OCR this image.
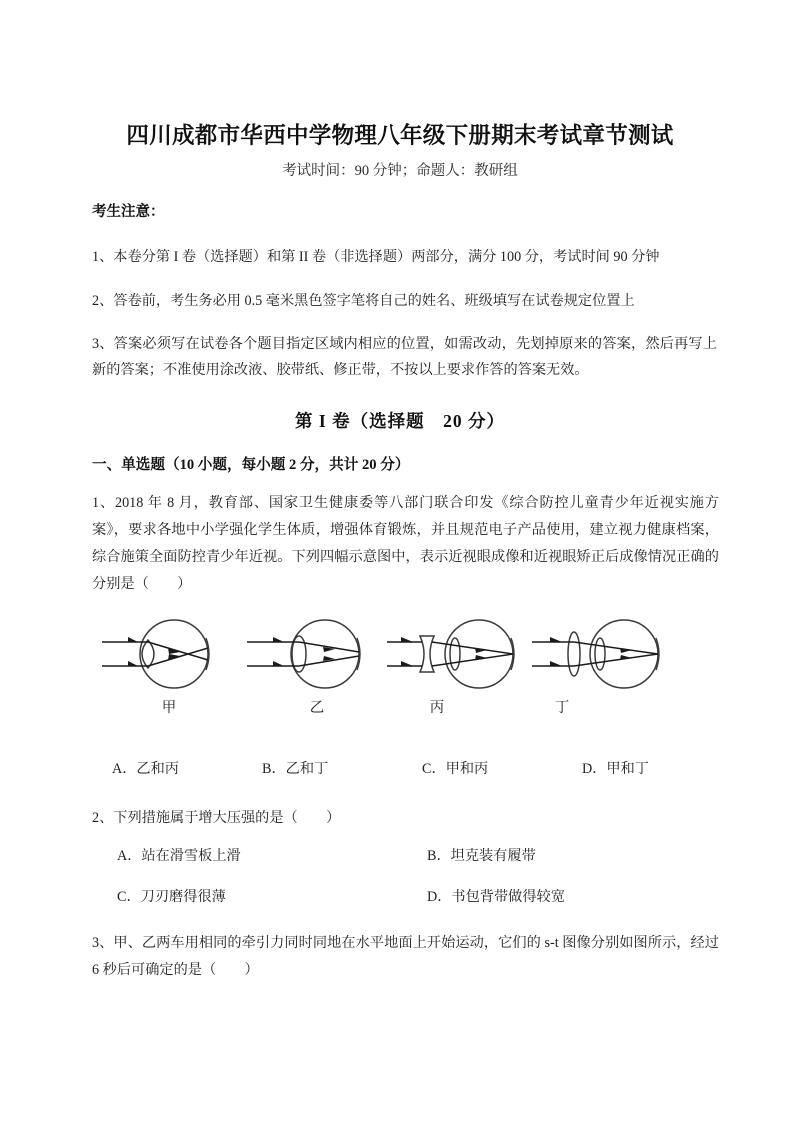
四川成都市华西中学物理八年级下册期末考试章节测试
考试时间：90 分钟；命题人：教研组
考生注意：
1、本卷分第 I 卷（选择题）和第 II 卷（非选择题）两部分，满分 100 分，考试时间 90 分钟
2、答卷前，考生务必用 0.5 毫米黑色签字笔将自己的姓名、班级填写在试卷规定位置上
3、答案必须写在试卷各个题目指定区域内相应的位置，如需改动，先划掉原来的答案，然后再写上新的答案；不准使用涂改液、胶带纸、修正带，不按以上要求作答的答案无效。
第 I 卷（选择题　20 分）
一、单选题（10 小题，每小题 2 分，共计 20 分）
1、2018 年 8 月，教育部、国家卫生健康委等八部门联合印发《综合防控儿童青少年近视实施方案》，要求各地中小学强化学生体质，增强体育锻炼，并且规范电子产品使用，建立视力健康档案，综合施策全面防控青少年近视。下列四幅示意图中，表示近视眼成像和近视眼矫正后成像情况正确的分别是（　　）
甲	乙	丙	丁
A．乙和丙	B．乙和丁	C．甲和丙	D．甲和丁
2、下列措施属于增大压强的是（　　）
A．站在滑雪板上滑	B．坦克装有履带
C．刀刃磨得很薄	D．书包背带做得较宽
3、甲、乙两车用相同的牵引力同时同地在水平地面上开始运动，它们的 s-t 图像分别如图所示，经过 6 秒后可确定的是（　　）
